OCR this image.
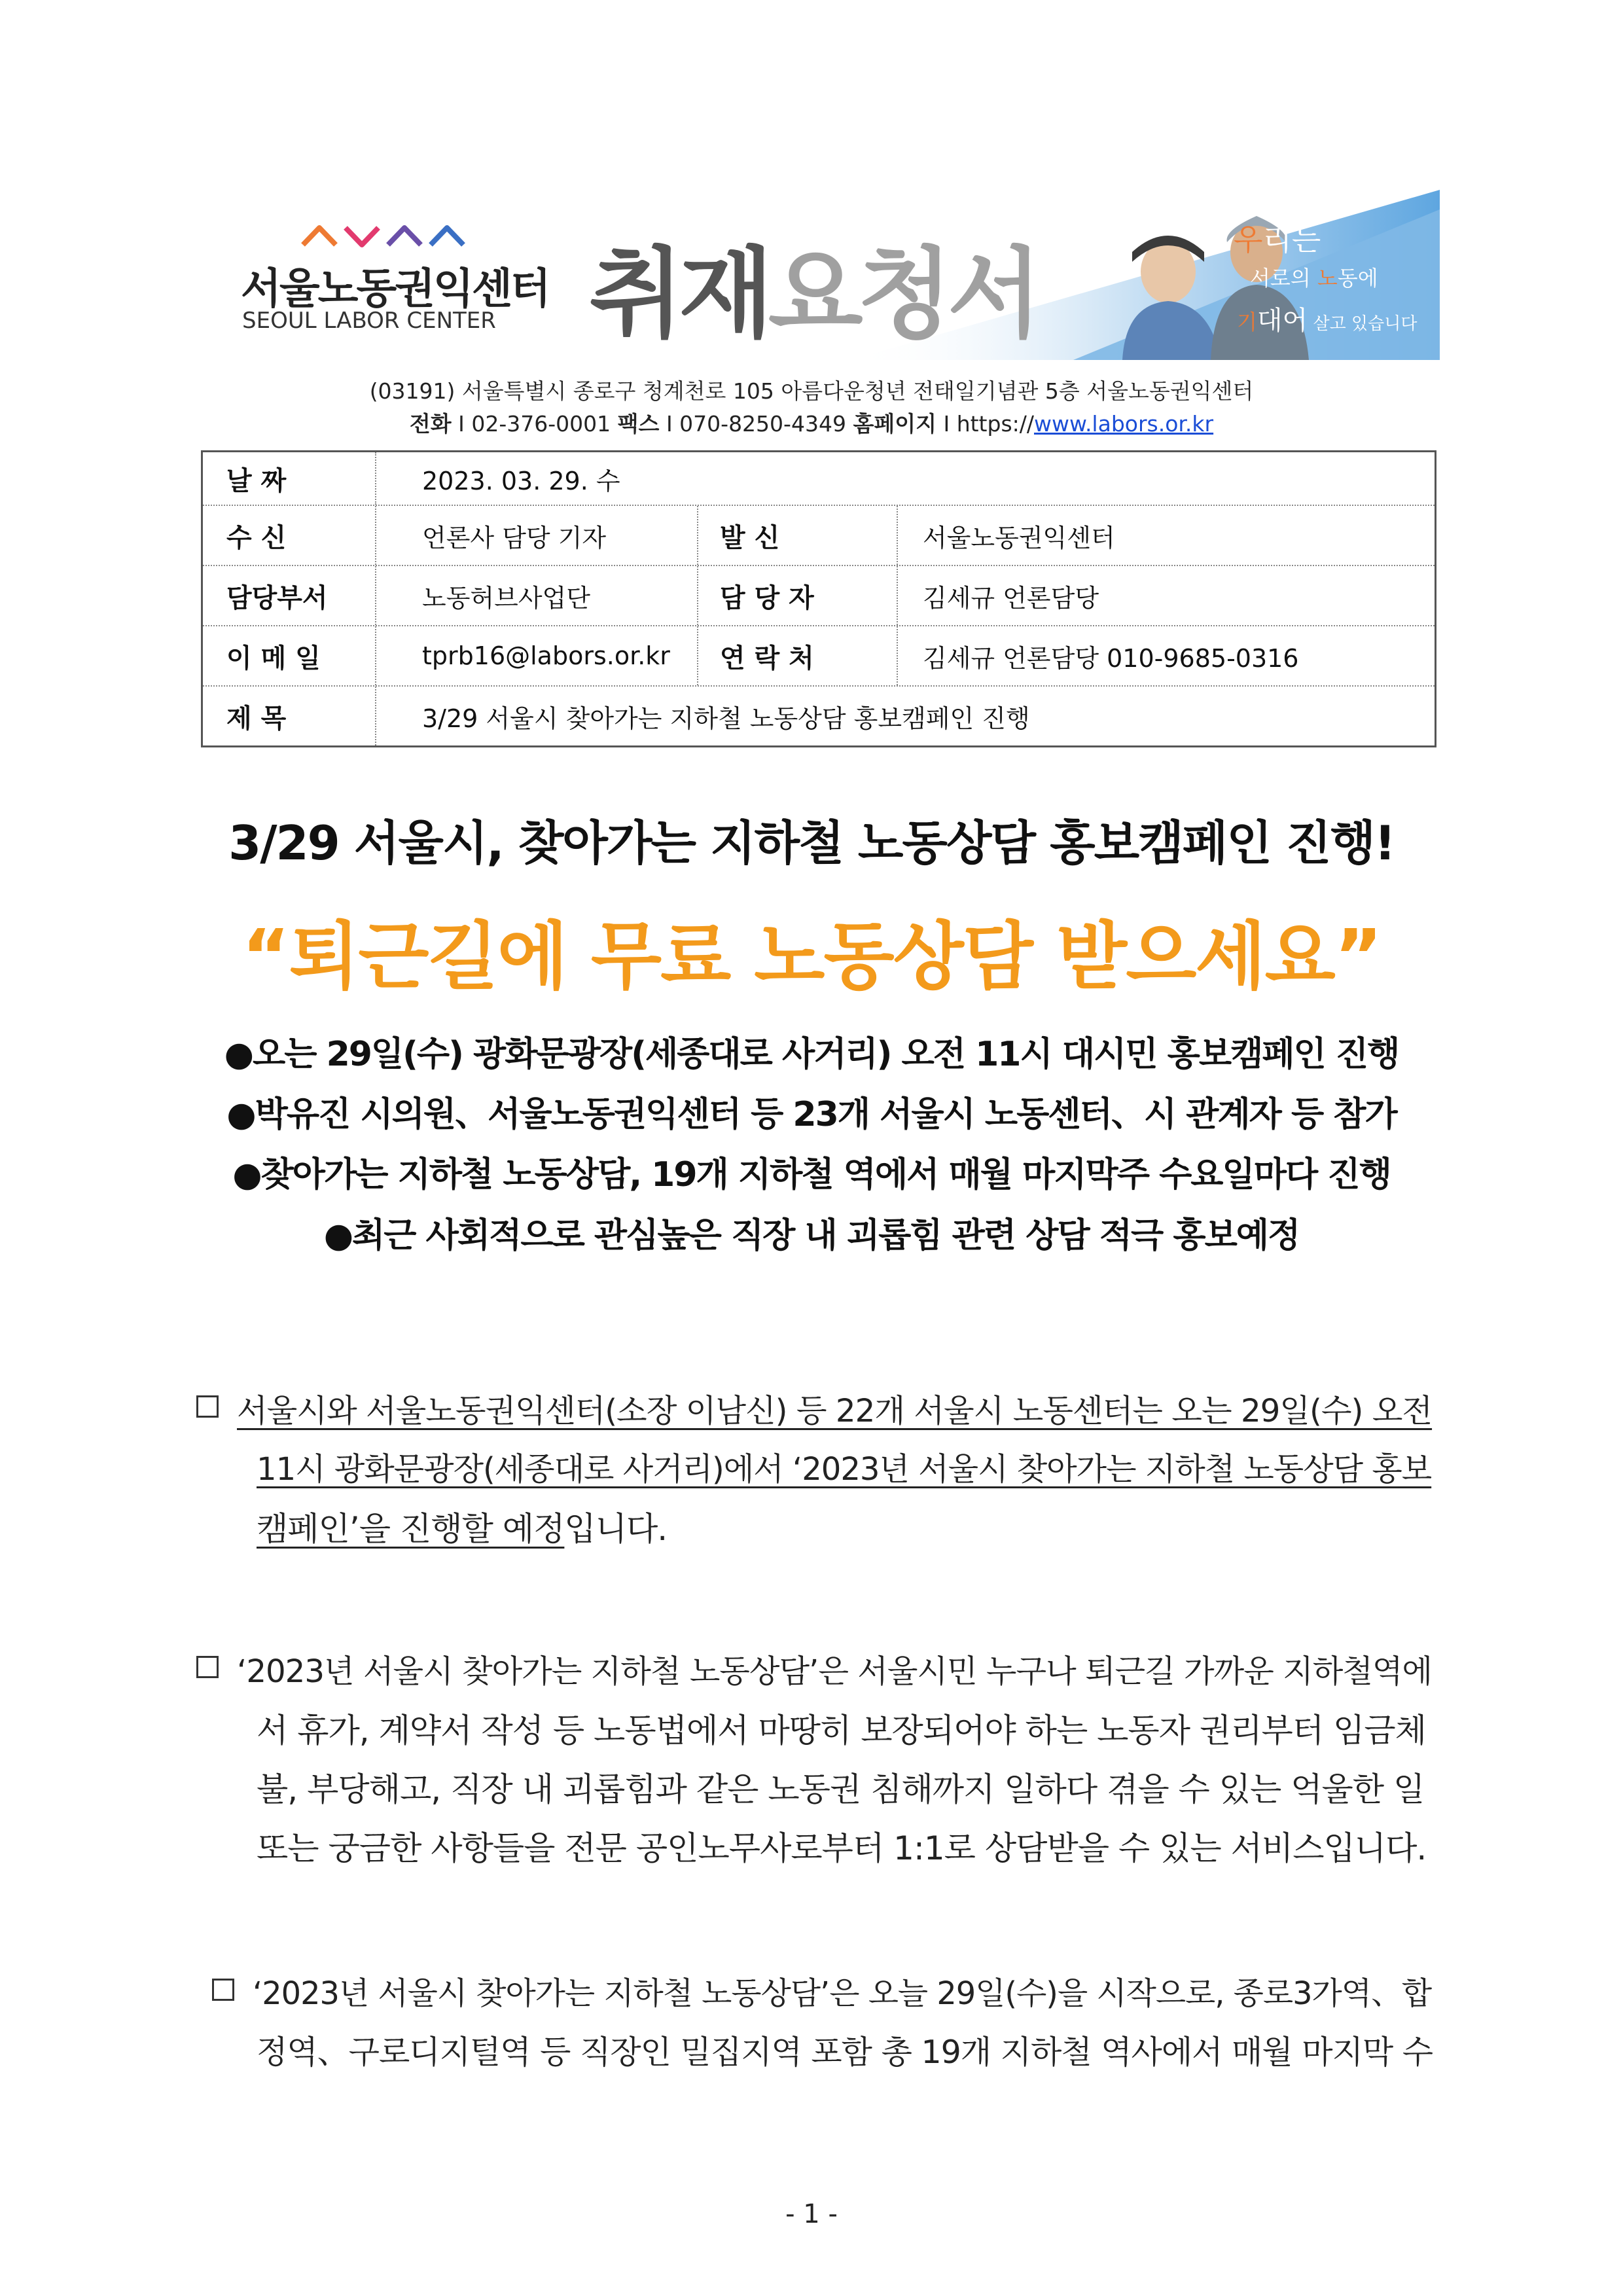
서울노동권익센터
SEOUL LABOR CENTER 취재요청서	우리는
서로의 노동에
기대어 살고 있습니다
(03191) 서울특별시 종로구 청계천로 105 아름다운청년 전태일기념관 5층 서울노동권익센터
전화 I 02-376-0001 팩스 I 070-8250-4349 홈페이지 I https://www.labors.or.kr
날 짜	2023. 03. 29. 수
수 신	언론사 담당 기자	발 신	서울노동권익센터
담당부서	노동허브사업단	담 당 자	김세규 언론담당
이 메 일	tprb16@labors.or.kr 연 락 처	김세규 언론담당 010-9685-0316
제 목	3/29 서울시 찾아가는 지하철 노동상담 홍보캠페인 진행
3/29 서울시, 찾아가는 지하철 노동상담 홍보캠페인 진행!
“퇴근길에 무료 노동상담 받으세요”
●오는 29일(수) 광화문광장(세종대로 사거리) 오전 11시 대시민 홍보캠페인 진행
●박유진 시의원、서울노동권익센터 등 23개 서울시 노동센터、시 관계자 등 참가
●찾아가는 지하철 노동상담, 19개 지하철 역에서 매월 마지막주 수요일마다 진행
●최근 사회적으로 관심높은 직장 내 괴롭힘 관련 상담 적극 홍보예정
서울시와 서울노동권익센터(소장 이남신) 등 22개 서울시 노동센터는 오는 29일(수) 오전
11시 광화문광장(세종대로 사거리)에서 ‘2023년 서울시 찾아가는 지하철 노동상담 홍보
캠페인’을 진행할 예정입니다.
‘2023년 서울시 찾아가는 지하철 노동상담’은 서울시민 누구나 퇴근길 가까운 지하철역에
서 휴가, 계약서 작성 등 노동법에서 마땅히 보장되어야 하는 노동자 권리부터 임금체
불, 부당해고, 직장 내 괴롭힘과 같은 노동권 침해까지 일하다 겪을 수 있는 억울한 일
또는 궁금한 사항들을 전문 공인노무사로부터 1:1로 상담받을 수 있는 서비스입니다.
‘2023년 서울시 찾아가는 지하철 노동상담’은 오늘 29일(수)을 시작으로, 종로3가역、합
정역、구로디지털역 등 직장인 밀집지역 포함 총 19개 지하철 역사에서 매월 마지막 수
- 1 -
